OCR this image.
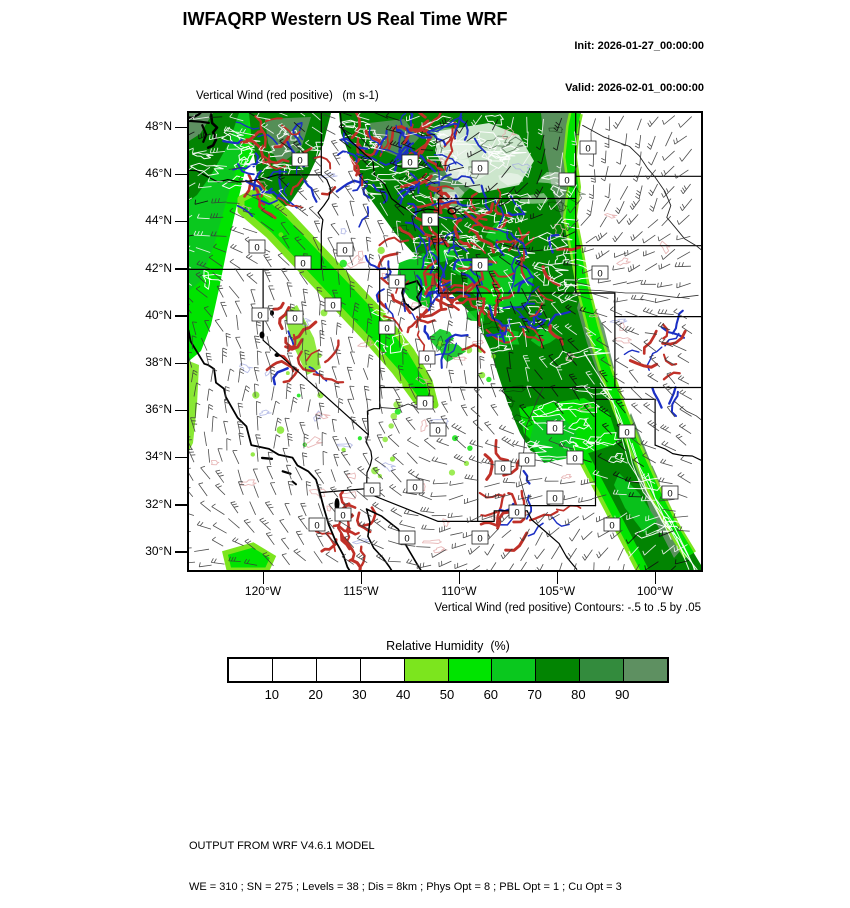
IWFAQRP Western US Real Time WRF

Init: 2026-01-27_00:00:00

Valid: 2026-02-01_00:00:00

Vertical Wind (red positive)   (m s-1)

0	0
0
0
0
0
0
0
0
0
0
0
0
0
0
0	0
0
0
0
0
0
0
0
0
0
0
0
0	0
0
0
0
0
48°N
46°N
44°N
42°N
40°N
38°N
36°N
34°N
32°N
30°N
120°W	115°W	110°W	105°W	100°W
Vertical Wind (red positive) Contours: -.5 to .5 by .05
Relative Humidity  (%)
10	20	30	40	50	60	70	80	90

OUTPUT FROM WRF V4.6.1 MODEL

WE = 310 ; SN = 275 ; Levels = 38 ; Dis = 8km ; Phys Opt = 8 ; PBL Opt = 1 ; Cu Opt = 3
